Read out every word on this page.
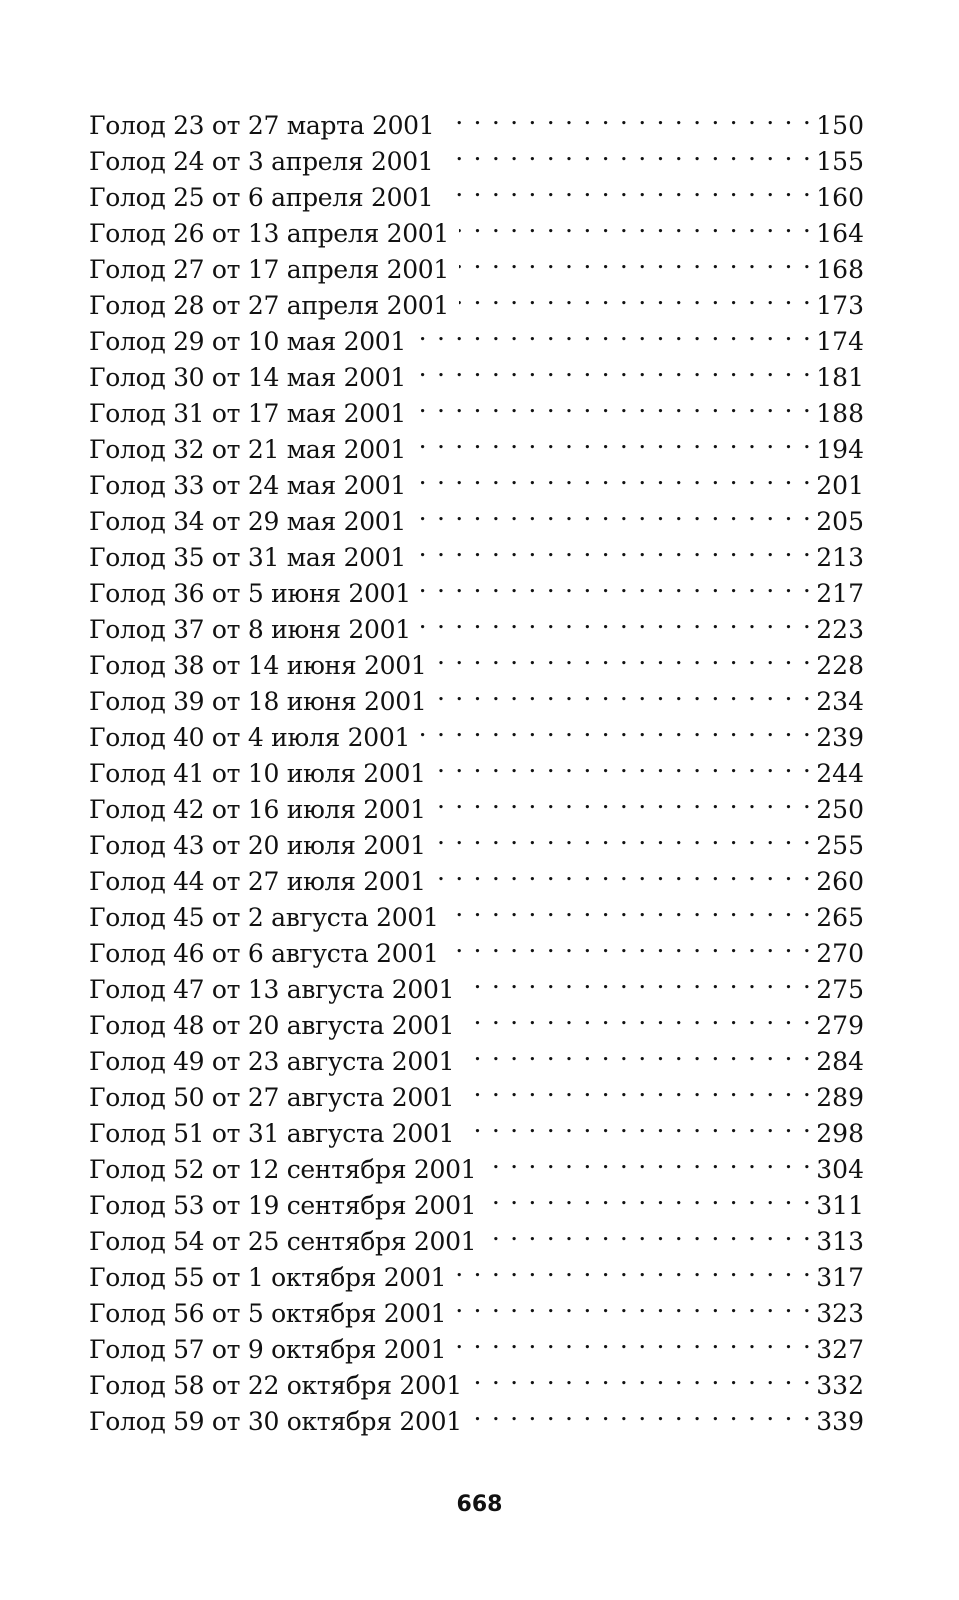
Голод 23 от 27 марта 2001 . . .	150
Голод 24 от 3 апреля 2001 . . .	155
Голод 25 от 6 апреля 2001 . . .	160
Голод 26 от 13 апреля 2001 . . .	164
Голод 27 от 17 апреля 2001 . . .	168
Голод 28 от 27 апреля 2001 . . .	173
Голод 29 от 10 мая 2001 . . .	174
Голод 30 от 14 мая 2001 . . .	181
Голод 31 от 17 мая 2001 . . .	188
Голод 32 от 21 мая 2001 . . .	194
Голод 33 от 24 мая 2001 . . .	201
Голод 34 от 29 мая 2001 . . .	205
Голод 35 от 31 мая 2001 . . .	213
Голод 36 от 5 июня 2001 . . .	217
Голод 37 от 8 июня 2001 . . .	223
Голод 38 от 14 июня 2001 . . .	228
Голод 39 от 18 июня 2001 . . .	234
Голод 40 от 4 июля 2001 . . .	239
Голод 41 от 10 июля 2001 . . .	244
Голод 42 от 16 июля 2001 . . .	250
Голод 43 от 20 июля 2001 . . .	255
Голод 44 от 27 июля 2001 . . .	260
Голод 45 от 2 августа 2001 . . .	265
Голод 46 от 6 августа 2001 . . .	270
Голод 47 от 13 августа 2001 . . .	275
Голод 48 от 20 августа 2001 . . .	279
Голод 49 от 23 августа 2001 . . .	284
Голод 50 от 27 августа 2001 . . .	289
Голод 51 от 31 августа 2001 . . .	298
Голод 52 от 12 сентября 2001 . . .	304
Голод 53 от 19 сентября 2001 . . .	311
Голод 54 от 25 сентября 2001 . . .	313
Голод 55 от 1 октября 2001 . . .	317
Голод 56 от 5 октября 2001 . . .	323
Голод 57 от 9 октября 2001 . . .	327
Голод 58 от 22 октября 2001 . . .	332
Голод 59 от 30 октября 2001 . . .	339
668
